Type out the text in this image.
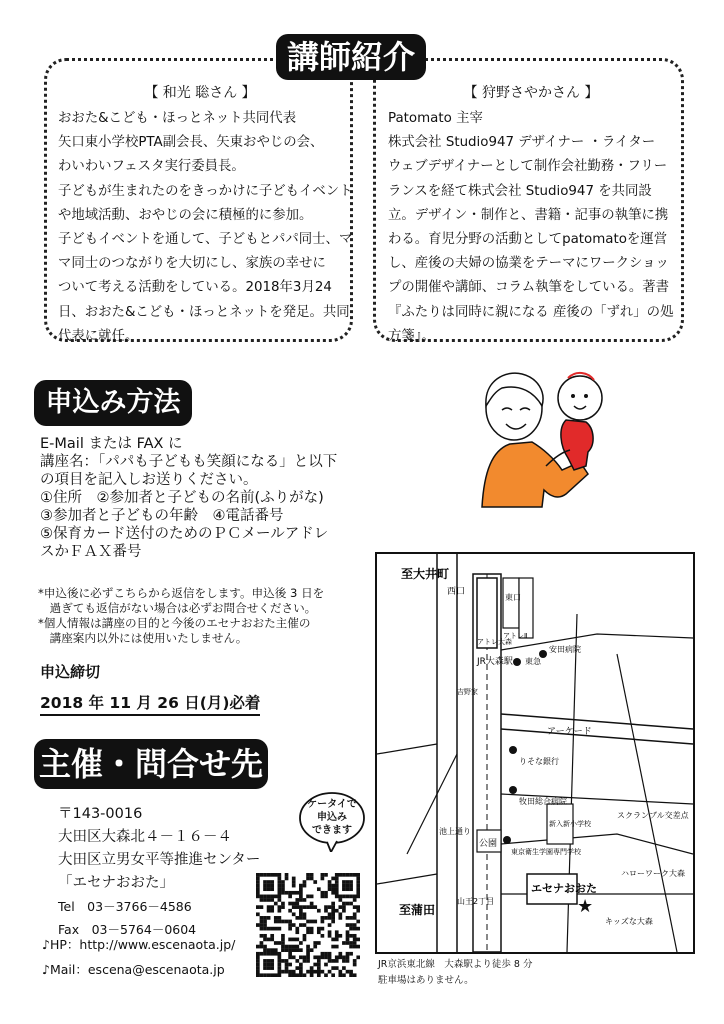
講師紹介
【 和光 聡さん 】
おおた&こども・ほっとネット共同代表
矢口東小学校PTA副会長、矢東おやじの会、
わいわいフェスタ実行委員長。
子どもが生まれたのをきっかけに子どもイベント
や地域活動、おやじの会に積極的に参加。
子どもイベントを通して、子どもとパパ同士、マ
マ同士のつながりを大切にし、家族の幸せに
ついて考える活動をしている。2018年3月24
日、おおた&こども・ほっとネットを発足。共同
代表に就任。
【 狩野さやかさん 】
Patomato 主宰
株式会社 Studio947 デザイナー ・ライター
ウェブデザイナーとして制作会社勤務・フリー
ランスを経て株式会社 Studio947 を共同設
立。デザイン・制作と、書籍・記事の執筆に携
わる。育児分野の活動としてpatomatoを運営
し、産後の夫婦の協業をテーマにワークショッ
プの開催や講師、コラム執筆をしている。著書
『ふたりは同時に親になる 産後の「ずれ」の処
方箋』。
申込み方法
E-Mail または FAX に
講座名：「パパも子どもも笑顔になる」と以下
の項目を記入しお送りください。
①住所　②参加者と子どもの名前(ふりがな)
③参加者と子どもの年齢　④電話番号
⑤保育カード送付のためのＰＣメールアドレ
スかＦＡＸ番号
*申込後に必ずこちらから返信をします。申込後 3 日を
　過ぎても返信がない場合は必ずお問合せください。
*個人情報は講座の目的と今後のエセナおおた主催の
　講座案内以外には使用いたしません。
申込締切
2018 年 11 月 26 日(月)必着
★
至大井町
至蒲田
JR大森駅
西口
東口
アトレ大森
アトレⅡ
東急
安田病院
吉野家
アーケード
りそな銀行
牧田総合病院
公園
東京衛生学園専門学校
新入新小学校
スクランブル交差点
ハローワーク大森
山王2丁目
キッズな大森
エセナおおた
池上通り
JR京浜東北線　大森駅より徒歩 8 分
駐車場はありません。
主催・問合せ先
〒143-0016
大田区大森北４－１６－４
大田区立男女平等推進センター
「エセナおおた」
Tel　03－3766－4586
Fax　03－5764－0604
♪HP：http://www.escenaota.jp/
♪Mail：escena@escenaota.jp
ケータイで
申込み
できます
